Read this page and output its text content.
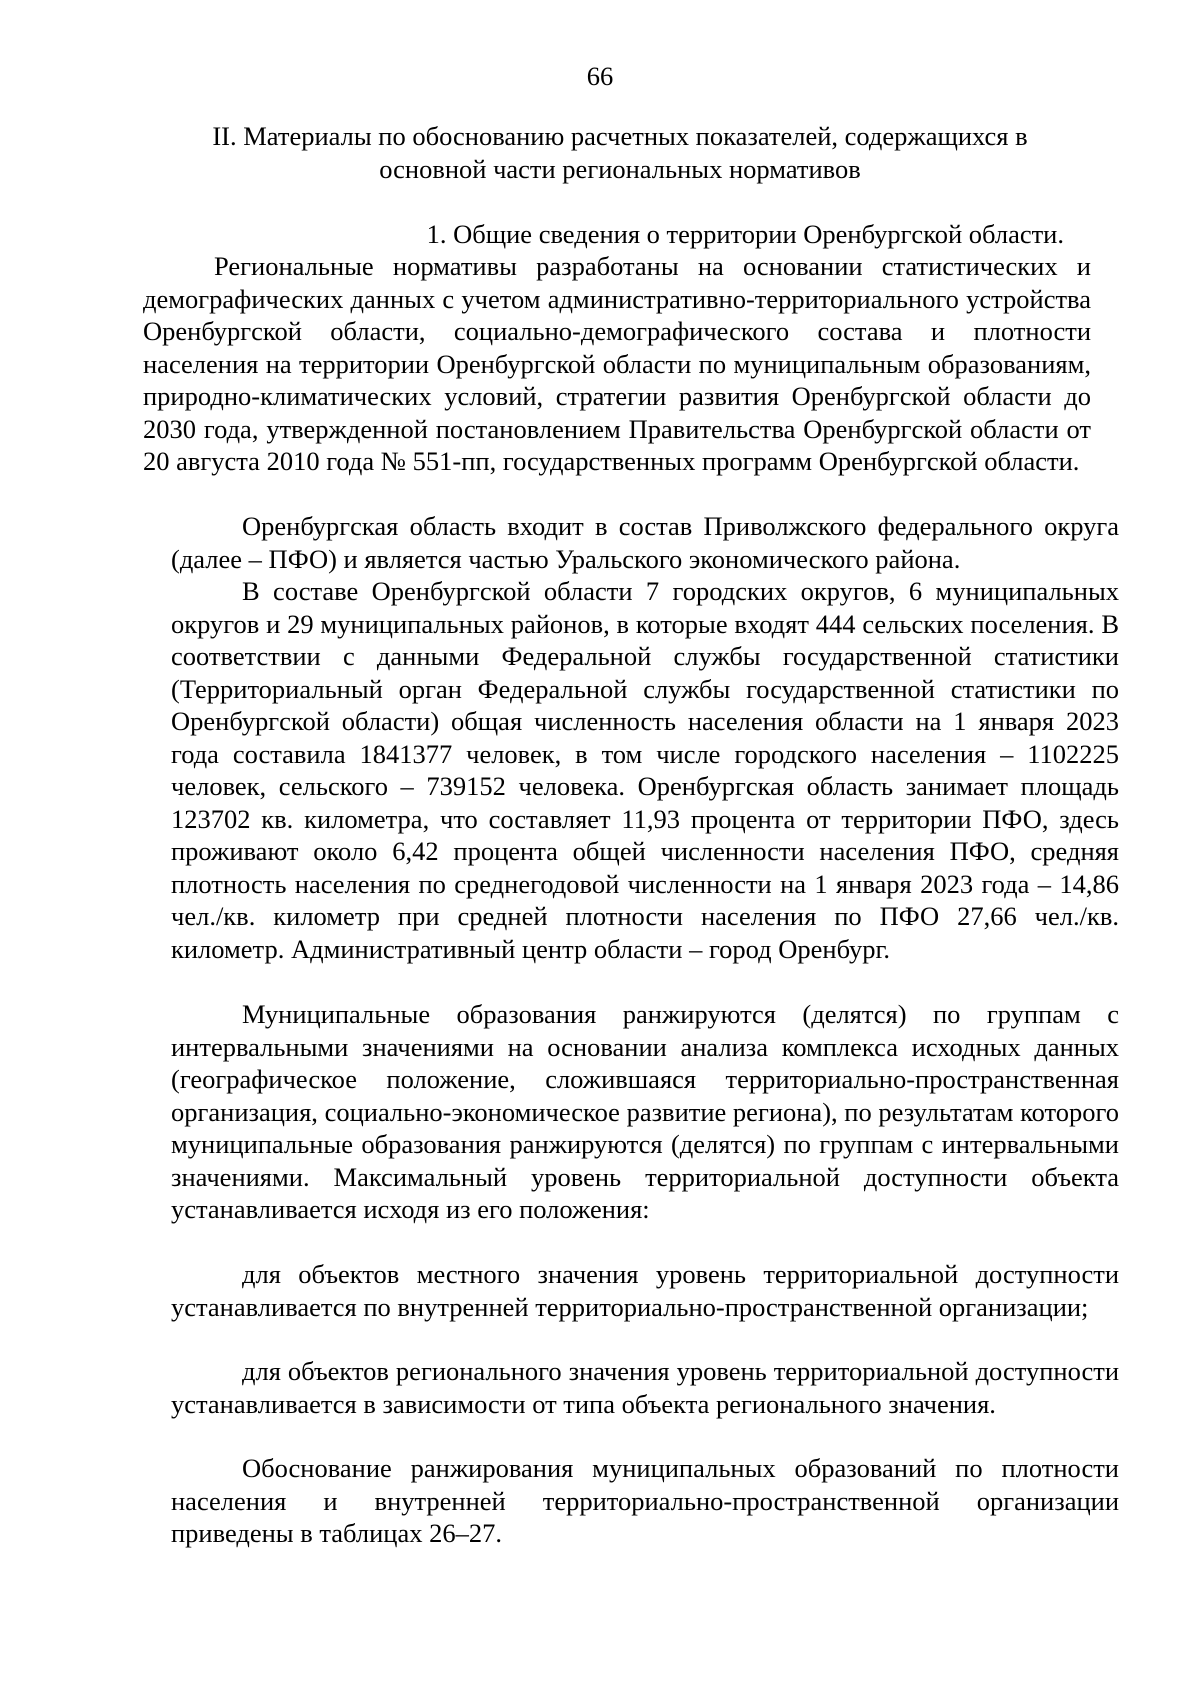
66
II. Материалы по обоснованию расчетных показателей, содержащихся в
основной части региональных нормативов
1. Общие сведения о территории Оренбургской области.

Региональные нормативы разработаны на основании статистических и демографических данных с учетом административно-территориального устройства Оренбургской области, социально-демографического состава и плотности населения на территории Оренбургской области по муниципальным образованиям, природно-климатических условий, стратегии развития Оренбургской области до 2030 года, утвержденной постановлением Правительства Оренбургской области от 20 августа 2010 года № 551-пп, государственных программ Оренбургской области.

Оренбургская область входит в состав Приволжского федерального округа (далее – ПФО) и является частью Уральского экономического района.

В составе Оренбургской области 7 городских округов, 6 муниципальных округов и 29 муниципальных районов, в которые входят 444 сельских поселения. В соответствии с данными Федеральной службы государственной статистики (Территориальный орган Федеральной службы государственной статистики по Оренбургской области) общая численность населения области на 1 января 2023 года составила 1841377 человек, в том числе городского населения – 1102225 человек, сельского – 739152 человека. Оренбургская область занимает площадь 123702 кв. километра, что составляет 11,93 процента от территории ПФО, здесь проживают около 6,42 процента общей численности населения ПФО, средняя плотность населения по среднегодовой численности на 1 января 2023 года – 14,86 чел./кв. километр при средней плотности населения по ПФО 27,66 чел./кв. километр. Административный центр области – город Оренбург.

Муниципальные образования ранжируются (делятся) по группам с интервальными значениями на основании анализа комплекса исходных данных (географическое положение, сложившаяся территориально-пространственная организация, социально-экономическое развитие региона), по результатам которого муниципальные образования ранжируются (делятся) по группам с интервальными значениями. Максимальный уровень территориальной доступности объекта устанавливается исходя из его положения:

для объектов местного значения уровень территориальной доступности устанавливается по внутренней территориально-пространственной организации;

для объектов регионального значения уровень территориальной доступности устанавливается в зависимости от типа объекта регионального значения.

Обоснование ранжирования муниципальных образований по плотности населения и внутренней территориально-пространственной организации приведены в таблицах 26–27.
